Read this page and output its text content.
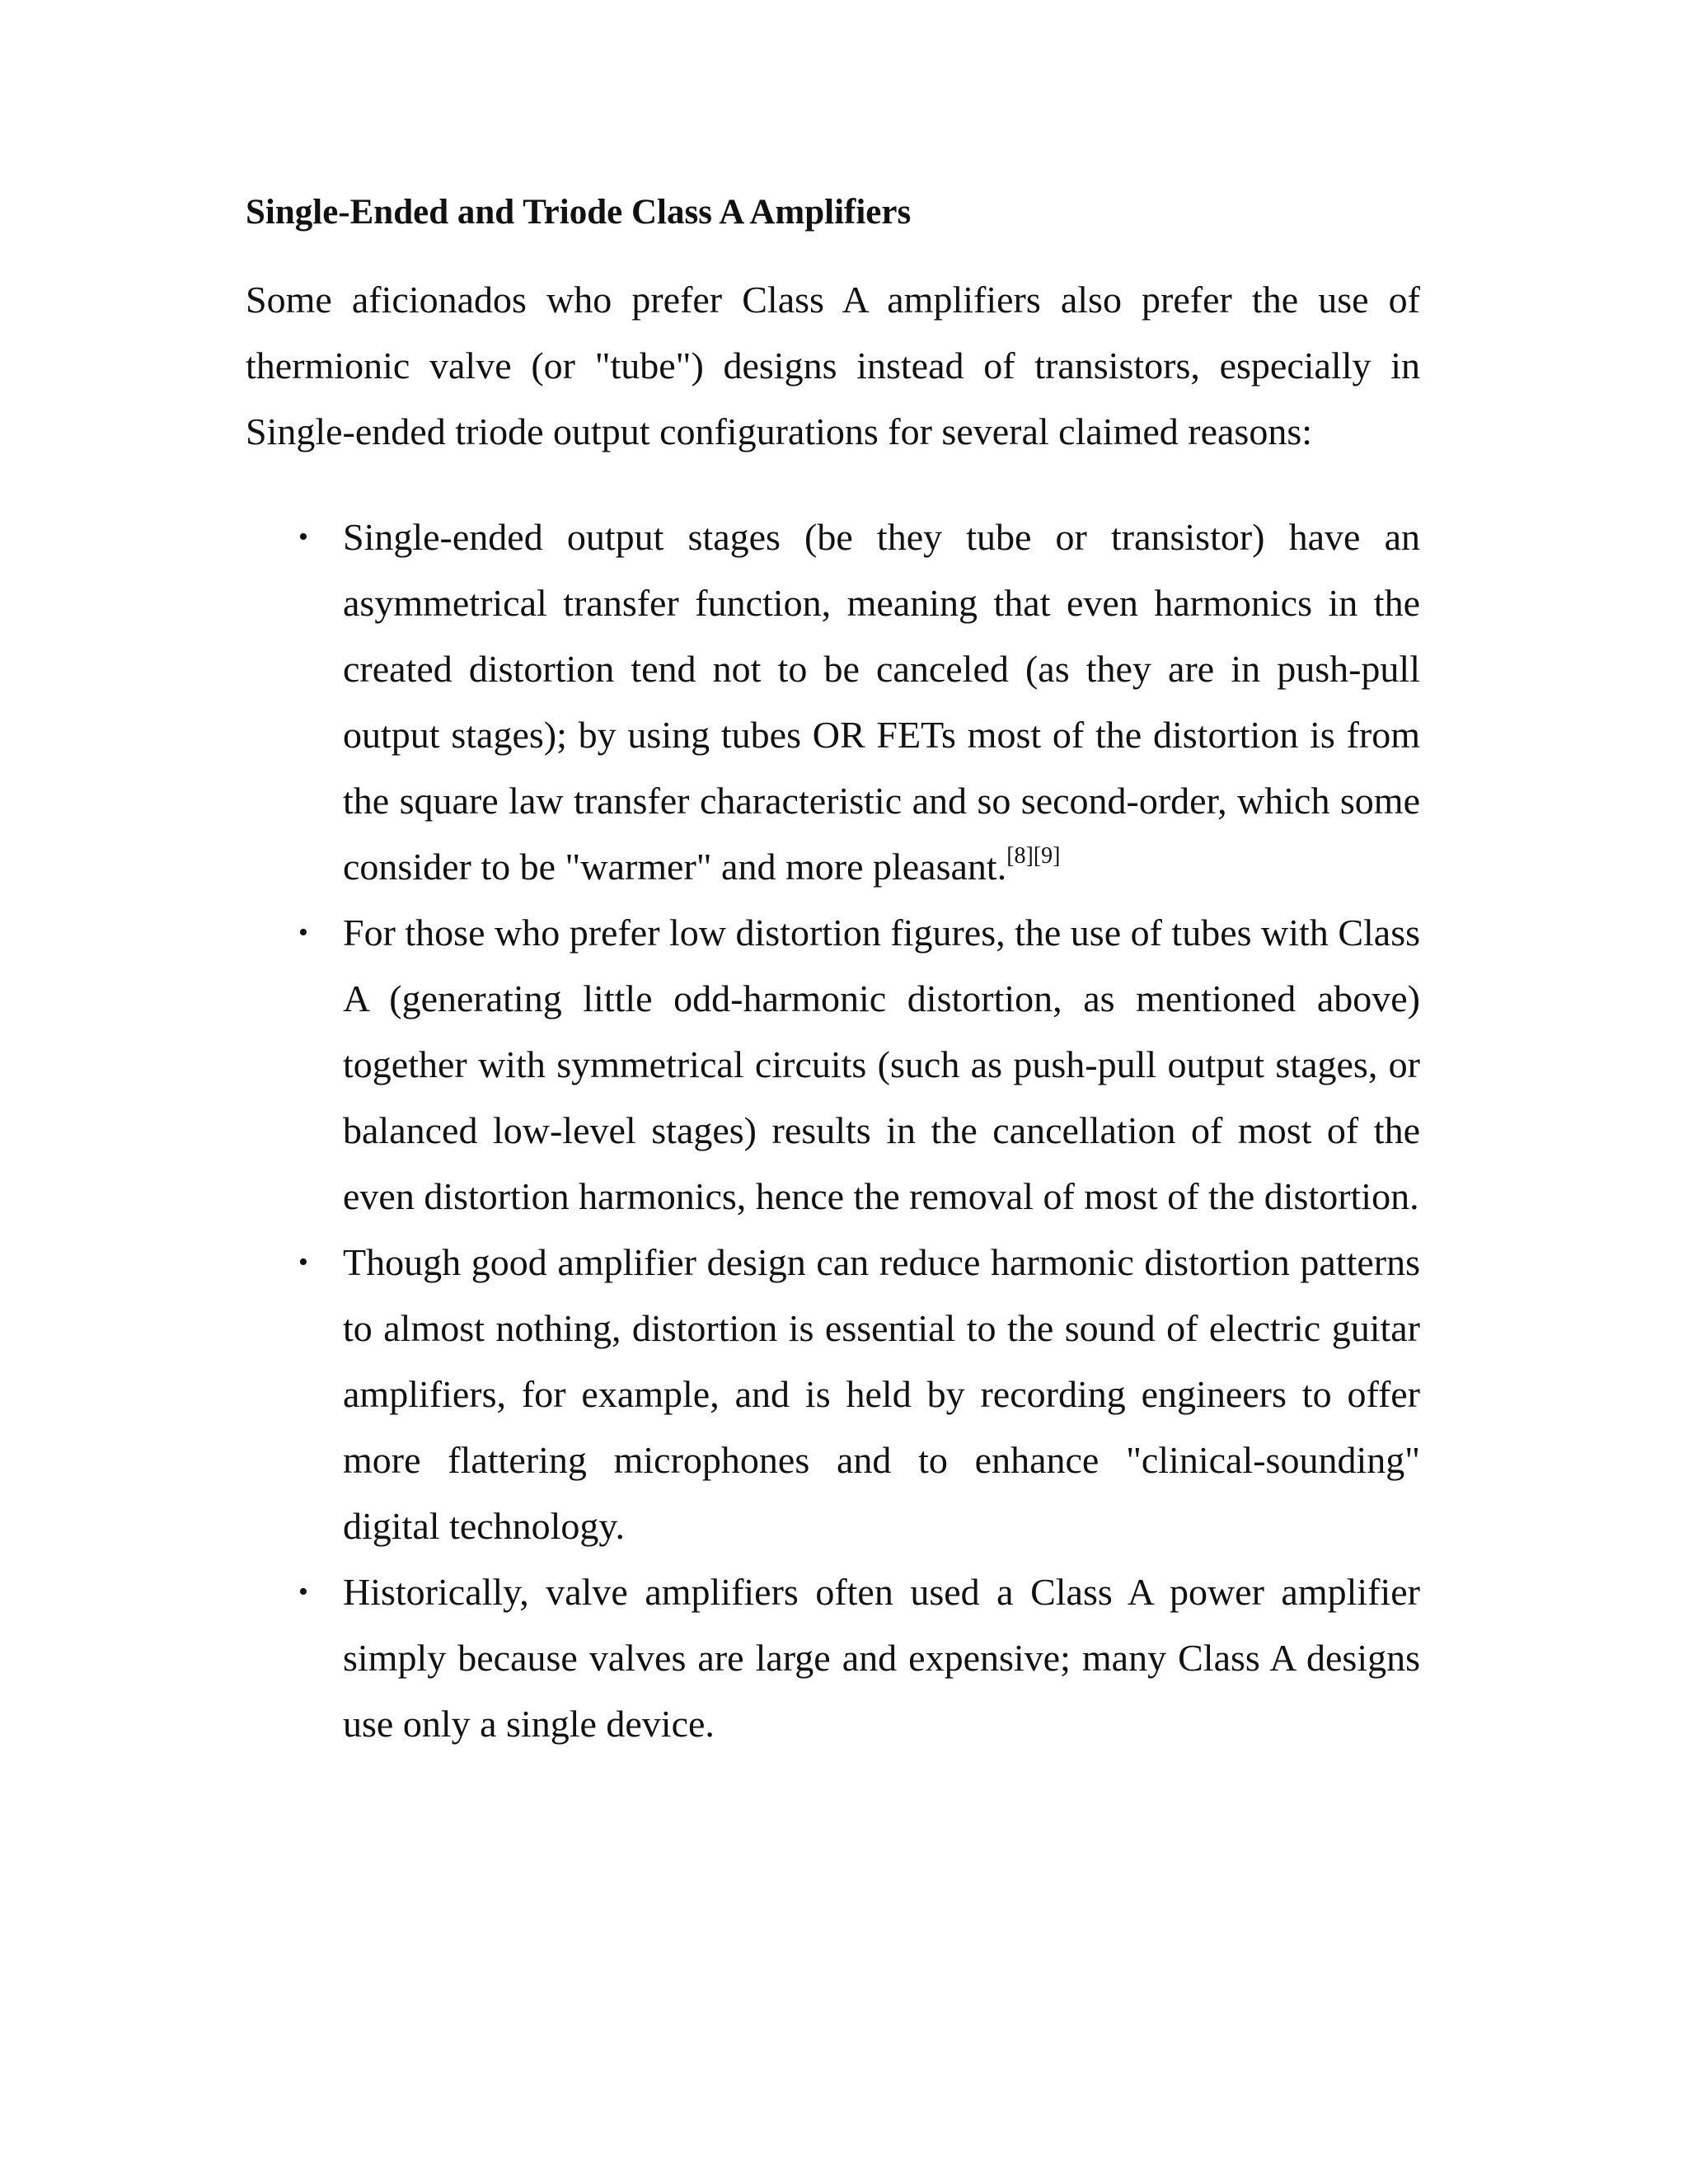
Single-Ended and Triode Class A Amplifiers

Some aficionados who prefer Class A amplifiers also prefer the use of thermionic valve (or "tube") designs instead of transistors, especially in Single-ended triode output configurations for several claimed reasons:

• Single-ended output stages (be they tube or transistor) have an asymmetrical transfer function, meaning that even harmonics in the created distortion tend not to be canceled (as they are in push-pull output stages); by using tubes OR FETs most of the distortion is from the square law transfer characteristic and so second-order, which some consider to be "warmer" and more pleasant.[8][9]
• For those who prefer low distortion figures, the use of tubes with Class A (generating little odd-harmonic distortion, as mentioned above) together with symmetrical circuits (such as push-pull output stages, or balanced low-level stages) results in the cancellation of most of the even distortion harmonics, hence the removal of most of the distortion.
• Though good amplifier design can reduce harmonic distortion patterns to almost nothing, distortion is essential to the sound of electric guitar amplifiers, for example, and is held by recording engineers to offer more flattering microphones and to enhance "clinical-sounding" digital technology.
• Historically, valve amplifiers often used a Class A power amplifier simply because valves are large and expensive; many Class A designs use only a single device.
